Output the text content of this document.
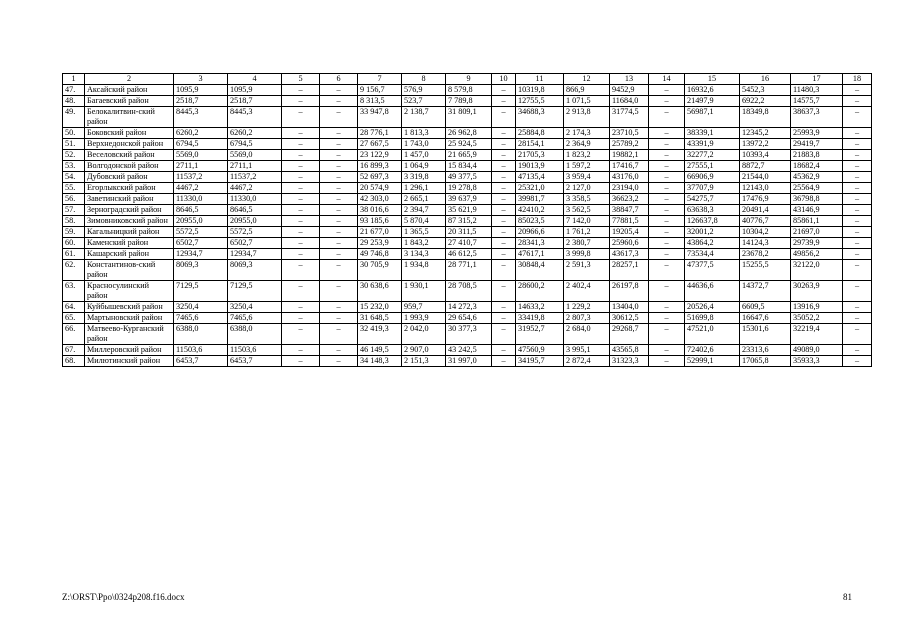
1	2	3	4	5	6	7	8	9	10	11	12	13	14	15	16	17	18
47.	Аксайский район	1095,9	1095,9	–	–	9 156,7	576,9	8 579,8	–	10319,8	866,9	9452,9	–	16932,6	5452,3	11480,3	–
48.	Багаевский район	2518,7	2518,7	–	–	8 313,5	523,7	7 789,8	–	12755,5	1 071,5	11684,0	–	21497,9	6922,2	14575,7	–
49.	Белокалитвин-ский район	8445,3	8445,3	–	–	33 947,8	2 138,7	31 809,1	–	34688,3	2 913,8	31774,5	–	56987,1	18349,8	38637,3	–
50.	Боковский район	6260,2	6260,2	–	–	28 776,1	1 813,3	26 962,8	–	25884,8	2 174,3	23710,5	–	38339,1	12345,2	25993,9	–
51.	Верхнедонской район	6794,5	6794,5	–	–	27 667,5	1 743,0	25 924,5	–	28154,1	2 364,9	25789,2	–	43391,9	13972,2	29419,7	–
52.	Веселовский район	5569,0	5569,0	–	–	23 122,9	1 457,0	21 665,9	–	21705,3	1 823,2	19882,1	–	32277,2	10393,4	21883,8	–
53.	Волгодонской район	2711,1	2711,1	–	–	16 899,3	1 064,9	15 834,4	–	19013,9	1 597,2	17416,7	–	27555,1	8872,7	18682,4	–
54.	Дубовский район	11537,2	11537,2	–	–	52 697,3	3 319,8	49 377,5	–	47135,4	3 959,4	43176,0	–	66906,9	21544,0	45362,9	–
55.	Егорлыкский район	4467,2	4467,2	–	–	20 574,9	1 296,1	19 278,8	–	25321,0	2 127,0	23194,0	–	37707,9	12143,0	25564,9	–
56.	Заветинский район	11330,0	11330,0	–	–	42 303,0	2 665,1	39 637,9	–	39981,7	3 358,5	36623,2	–	54275,7	17476,9	36798,8	–
57.	Зерноградский район	8646,5	8646,5	–	–	38 016,6	2 394,7	35 621,9	–	42410,2	3 562,5	38847,7	–	63638,3	20491,4	43146,9	–
58.	Зимовниковский район	20955,0	20955,0	–	–	93 185,6	5 870,4	87 315,2	–	85023,5	7 142,0	77881,5	–	126637,8	40776,7	85861,1	–
59.	Кагальницкий район	5572,5	5572,5	–	–	21 677,0	1 365,5	20 311,5	–	20966,6	1 761,2	19205,4	–	32001,2	10304,2	21697,0	–
60.	Каменский район	6502,7	6502,7	–	–	29 253,9	1 843,2	27 410,7	–	28341,3	2 380,7	25960,6	–	43864,2	14124,3	29739,9	–
61.	Кашарский район	12934,7	12934,7	–	–	49 746,8	3 134,3	46 612,5	–	47617,1	3 999,8	43617,3	–	73534,4	23678,2	49856,2	–
62.	Константинов-ский район	8069,3	8069,3	–	–	30 705,9	1 934,8	28 771,1	–	30848,4	2 591,3	28257,1	–	47377,5	15255,5	32122,0	–
63.	Красносулинский район	7129,5	7129,5	–	–	30 638,6	1 930,1	28 708,5	–	28600,2	2 402,4	26197,8	–	44636,6	14372,7	30263,9	–
64.	Куйбышевский район	3250,4	3250,4	–	–	15 232,0	959,7	14 272,3	–	14633,2	1 229,2	13404,0	–	20526,4	6609,5	13916,9	–
65.	Мартыновский район	7465,6	7465,6	–	–	31 648,5	1 993,9	29 654,6	–	33419,8	2 807,3	30612,5	–	51699,8	16647,6	35052,2	–
66.	Матвеево-Курганский район	6388,0	6388,0	–	–	32 419,3	2 042,0	30 377,3	–	31952,7	2 684,0	29268,7	–	47521,0	15301,6	32219,4	–
67.	Миллеровский район	11503,6	11503,6	–	–	46 149,5	2 907,0	43 242,5	–	47560,9	3 995,1	43565,8	–	72402,6	23313,6	49089,0	–
68.	Милютинский район	6453,7	6453,7	–	–	34 148,3	2 151,3	31 997,0	–	34195,7	2 872,4	31323,3	–	52999,1	17065,8	35933,3	–
Z:\ORST\Ppo\0324p208.f16.docx	81
